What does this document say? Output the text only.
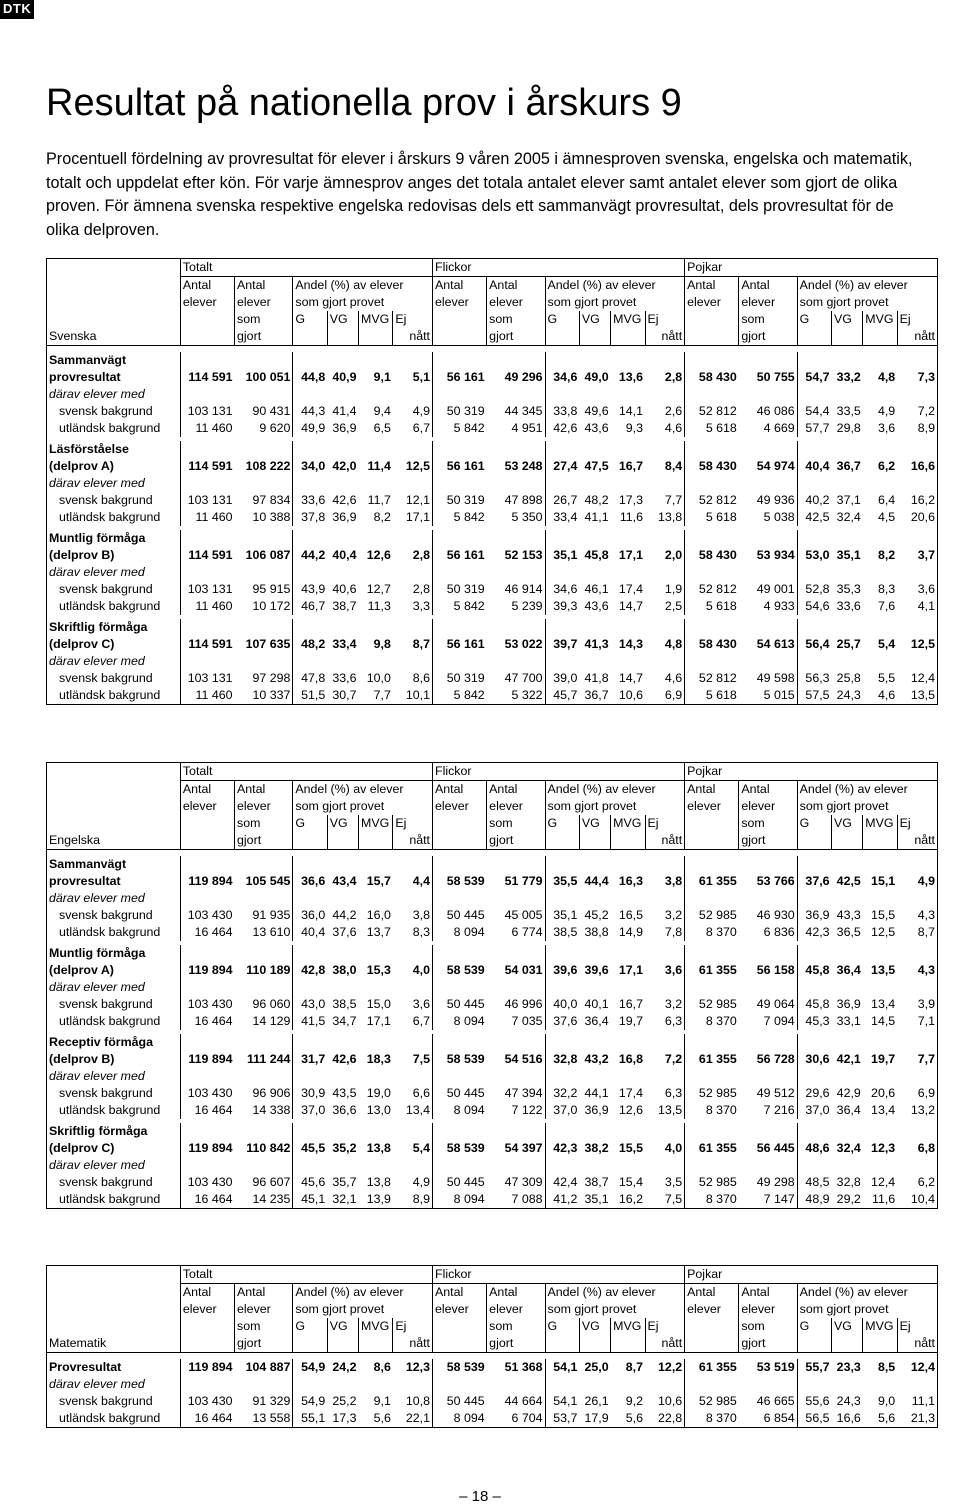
DTK
Resultat på nationella prov i årskurs 9

Procentuell fördelning av provresultat för elever i årskurs 9 våren 2005 i ämnesproven svenska, engelska och matematik, totalt och uppdelat efter kön. För varje ämnesprov anges det totala antalet elever samt antalet elever som gjort de olika proven. För ämnena svenska respektive engelska redovisas dels ett sammanvägt provresultat, dels provresultat för de olika delproven.

	Totalt						Flickor						Pojkar					
	Antal	Antal	Andel (%) av elever				Antal	Antal	Andel (%) av elever				Antal	Antal	Andel (%) av elever			
	elever	elever	som gjort provet				elever	elever	som gjort provet				elever	elever	som gjort provet			
		som	G	VG	MVG	Ej		som	G	VG	MVG	Ej		som	G	VG	MVG	Ej
Svenska		gjort				nått		gjort				nått		gjort				nått

Sammanvägt																		
provresultat	114 591	100 051	44,8	40,9	9,1	5,1	56 161	49 296	34,6	49,0	13,6	2,8	58 430	50 755	54,7	33,2	4,8	7,3
därav elever med																		
svensk bakgrund	103 131	90 431	44,3	41,4	9,4	4,9	50 319	44 345	33,8	49,6	14,1	2,6	52 812	46 086	54,4	33,5	4,9	7,2
utländsk bakgrund	11 460	9 620	49,9	36,9	6,5	6,7	5 842	4 951	42,6	43,6	9,3	4,6	5 618	4 669	57,7	29,8	3,6	8,9

Läsförståelse																		
(delprov A)	114 591	108 222	34,0	42,0	11,4	12,5	56 161	53 248	27,4	47,5	16,7	8,4	58 430	54 974	40,4	36,7	6,2	16,6
därav elever med																		
svensk bakgrund	103 131	97 834	33,6	42,6	11,7	12,1	50 319	47 898	26,7	48,2	17,3	7,7	52 812	49 936	40,2	37,1	6,4	16,2
utländsk bakgrund	11 460	10 388	37,8	36,9	8,2	17,1	5 842	5 350	33,4	41,1	11,6	13,8	5 618	5 038	42,5	32,4	4,5	20,6

Muntlig förmåga																		
(delprov B)	114 591	106 087	44,2	40,4	12,6	2,8	56 161	52 153	35,1	45,8	17,1	2,0	58 430	53 934	53,0	35,1	8,2	3,7
därav elever med																		
svensk bakgrund	103 131	95 915	43,9	40,6	12,7	2,8	50 319	46 914	34,6	46,1	17,4	1,9	52 812	49 001	52,8	35,3	8,3	3,6
utländsk bakgrund	11 460	10 172	46,7	38,7	11,3	3,3	5 842	5 239	39,3	43,6	14,7	2,5	5 618	4 933	54,6	33,6	7,6	4,1

Skriftlig förmåga																		
(delprov C)	114 591	107 635	48,2	33,4	9,8	8,7	56 161	53 022	39,7	41,3	14,3	4,8	58 430	54 613	56,4	25,7	5,4	12,5
därav elever med																		
svensk bakgrund	103 131	97 298	47,8	33,6	10,0	8,6	50 319	47 700	39,0	41,8	14,7	4,6	52 812	49 598	56,3	25,8	5,5	12,4
utländsk bakgrund	11 460	10 337	51,5	30,7	7,7	10,1	5 842	5 322	45,7	36,7	10,6	6,9	5 618	5 015	57,5	24,3	4,6	13,5
	Totalt						Flickor						Pojkar					
	Antal	Antal	Andel (%) av elever				Antal	Antal	Andel (%) av elever				Antal	Antal	Andel (%) av elever			
	elever	elever	som gjort provet				elever	elever	som gjort provet				elever	elever	som gjort provet			
		som	G	VG	MVG	Ej		som	G	VG	MVG	Ej		som	G	VG	MVG	Ej
Engelska		gjort				nått		gjort				nått		gjort				nått

Sammanvägt																		
provresultat	119 894	105 545	36,6	43,4	15,7	4,4	58 539	51 779	35,5	44,4	16,3	3,8	61 355	53 766	37,6	42,5	15,1	4,9
därav elever med																		
svensk bakgrund	103 430	91 935	36,0	44,2	16,0	3,8	50 445	45 005	35,1	45,2	16,5	3,2	52 985	46 930	36,9	43,3	15,5	4,3
utländsk bakgrund	16 464	13 610	40,4	37,6	13,7	8,3	8 094	6 774	38,5	38,8	14,9	7,8	8 370	6 836	42,3	36,5	12,5	8,7

Muntlig förmåga																		
(delprov A)	119 894	110 189	42,8	38,0	15,3	4,0	58 539	54 031	39,6	39,6	17,1	3,6	61 355	56 158	45,8	36,4	13,5	4,3
därav elever med																		
svensk bakgrund	103 430	96 060	43,0	38,5	15,0	3,6	50 445	46 996	40,0	40,1	16,7	3,2	52 985	49 064	45,8	36,9	13,4	3,9
utländsk bakgrund	16 464	14 129	41,5	34,7	17,1	6,7	8 094	7 035	37,6	36,4	19,7	6,3	8 370	7 094	45,3	33,1	14,5	7,1

Receptiv förmåga																		
(delprov B)	119 894	111 244	31,7	42,6	18,3	7,5	58 539	54 516	32,8	43,2	16,8	7,2	61 355	56 728	30,6	42,1	19,7	7,7
därav elever med																		
svensk bakgrund	103 430	96 906	30,9	43,5	19,0	6,6	50 445	47 394	32,2	44,1	17,4	6,3	52 985	49 512	29,6	42,9	20,6	6,9
utländsk bakgrund	16 464	14 338	37,0	36,6	13,0	13,4	8 094	7 122	37,0	36,9	12,6	13,5	8 370	7 216	37,0	36,4	13,4	13,2

Skriftlig förmåga																		
(delprov C)	119 894	110 842	45,5	35,2	13,8	5,4	58 539	54 397	42,3	38,2	15,5	4,0	61 355	56 445	48,6	32,4	12,3	6,8
därav elever med																		
svensk bakgrund	103 430	96 607	45,6	35,7	13,8	4,9	50 445	47 309	42,4	38,7	15,4	3,5	52 985	49 298	48,5	32,8	12,4	6,2
utländsk bakgrund	16 464	14 235	45,1	32,1	13,9	8,9	8 094	7 088	41,2	35,1	16,2	7,5	8 370	7 147	48,9	29,2	11,6	10,4
	Totalt						Flickor						Pojkar					
	Antal	Antal	Andel (%) av elever				Antal	Antal	Andel (%) av elever				Antal	Antal	Andel (%) av elever			
	elever	elever	som gjort provet				elever	elever	som gjort provet				elever	elever	som gjort provet			
		som	G	VG	MVG	Ej		som	G	VG	MVG	Ej		som	G	VG	MVG	Ej
Matematik		gjort				nått		gjort				nått		gjort				nått

Provresultat	119 894	104 887	54,9	24,2	8,6	12,3	58 539	51 368	54,1	25,0	8,7	12,2	61 355	53 519	55,7	23,3	8,5	12,4
därav elever med																		
svensk bakgrund	103 430	91 329	54,9	25,2	9,1	10,8	50 445	44 664	54,1	26,1	9,2	10,6	52 985	46 665	55,6	24,3	9,0	11,1
utländsk bakgrund	16 464	13 558	55,1	17,3	5,6	22,1	8 094	6 704	53,7	17,9	5,6	22,8	8 370	6 854	56,5	16,6	5,6	21,3
– 18 –
